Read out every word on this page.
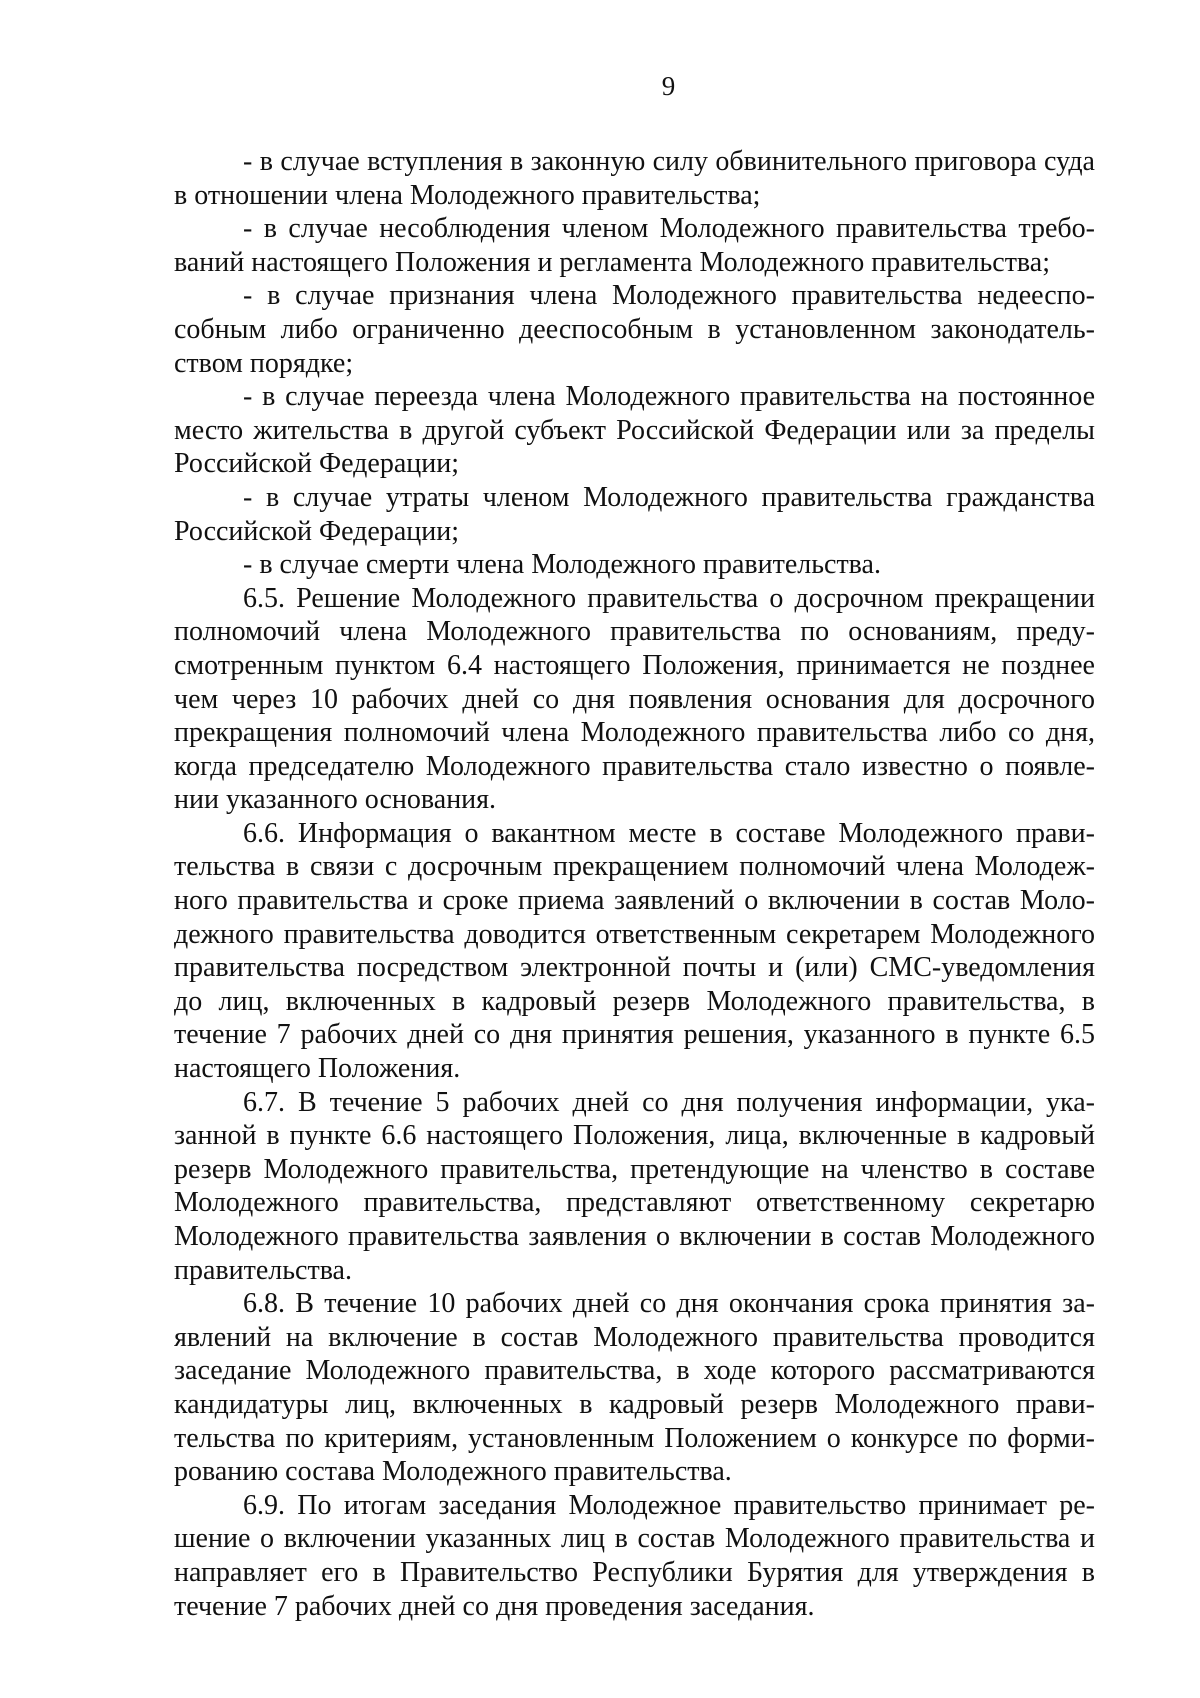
9

- в случае вступления в законную силу обвинительного приговора суда в отношении члена Молодежного правительства;

- в случае несоблюдения членом Молодежного правительства требований настоящего Положения и регламента Молодежного правительства;

- в случае признания члена Молодежного правительства недееспособным либо ограниченно дееспособным в установленном законодательством порядке;

- в случае переезда члена Молодежного правительства на постоянное место жительства в другой субъект Российской Федерации или за пределы Российской Федерации;

- в случае утраты членом Молодежного правительства гражданства Российской Федерации;

- в случае смерти члена Молодежного правительства.

6.5. Решение Молодежного правительства о досрочном прекращении полномочий члена Молодежного правительства по основаниям, предусмотренным пунктом 6.4 настоящего Положения, принимается не позднее чем через 10 рабочих дней со дня появления основания для досрочного прекращения полномочий члена Молодежного правительства либо со дня, когда председателю Молодежного правительства стало известно о появлении указанного основания.

6.6. Информация о вакантном месте в составе Молодежного правительства в связи с досрочным прекращением полномочий члена Молодежного правительства и сроке приема заявлений о включении в состав Молодежного правительства доводится ответственным секретарем Молодежного правительства посредством электронной почты и (или) СМС-уведомления до лиц, включенных в кадровый резерв Молодежного правительства, в течение 7 рабочих дней со дня принятия решения, указанного в пункте 6.5 настоящего Положения.

6.7. В течение 5 рабочих дней со дня получения информации, указанной в пункте 6.6 настоящего Положения, лица, включенные в кадровый резерв Молодежного правительства, претендующие на членство в составе Молодежного правительства, представляют ответственному секретарю Молодежного правительства заявления о включении в состав Молодежного правительства.

6.8. В течение 10 рабочих дней со дня окончания срока принятия заявлений на включение в состав Молодежного правительства проводится заседание Молодежного правительства, в ходе которого рассматриваются кандидатуры лиц, включенных в кадровый резерв Молодежного правительства по критериям, установленным Положением о конкурсе по формированию состава Молодежного правительства.

6.9. По итогам заседания Молодежное правительство принимает решение о включении указанных лиц в состав Молодежного правительства и направляет его в Правительство Республики Бурятия для утверждения в течение 7 рабочих дней со дня проведения заседания.
